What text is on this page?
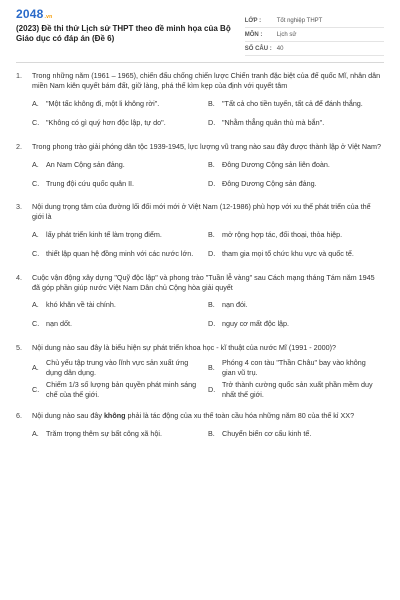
2048.vn
(2023) Đề thi thử Lịch sử THPT theo đề minh họa của Bộ Giáo dục có đáp án (Đề 6)
LỚP :	Tốt nghiệp THPT
MÔN :	Lịch sử
SỐ CÂU : 40
1.	Trong những năm (1961 – 1965), chiến đấu chống chiến lược Chiến tranh đặc biệt của đế quốc Mĩ, nhân dân miền Nam kiên quyết bám đất, giữ làng, phá thế kìm kẹp của định với quyết tâm
A.	"Một tấc không đi, một li không rời".	B.	"Tất cả cho tiền tuyến, tất cả để đánh thắng.
C. "Không có gì quý hơn độc lập, tự do".	D. "Nhằm thẳng quân thù mà bắn".
2.	Trong phong trào giải phóng dân tộc 1939-1945, lực lượng vũ trang nào sau đây được thành lập ở Việt Nam?
A.	An Nam Cộng sản đảng.	B.	Đông Dương Cộng sản liên đoàn.
C. Trung đội cứu quốc quân II.	D. Đông Dương Cộng sản đảng.
3.	Nội dung trọng tâm của đường lối đổi mới mới ở Việt Nam (12-1986) phù hợp với xu thế phát triển của thế giới là
A.	lấy phát triển kinh tế làm trọng điểm.	B.	mở rộng hợp tác, đối thoại, thỏa hiệp.
C. thiết lập quan hệ đồng minh với các nước lớn.	D. tham gia mọi tổ chức khu vực và quốc tế.
4.	Cuộc vận động xây dựng "Quỹ độc lập" và phong trào "Tuần lễ vàng" sau Cách mạng tháng Tám năm 1945 đã góp phần giúp nước Việt Nam Dân chủ Cộng hòa giải quyết
A.	khó khăn về tài chính.	B.	nạn đói.
C. nạn dốt.	D. nguy cơ mất độc lập.
5.	Nội dung nào sau đây là biểu hiện sự phát triển khoa học - kĩ thuật của nước Mĩ (1991 - 2000)?
A.
Chủ yếu tập trung vào lĩnh vực sản xuất ứng dụng dân dụng.
B.
Phóng 4 con tàu "Thần Châu" bay vào không gian vũ trụ.
C.
Chiếm 1/3 số lượng bản quyền phát minh sáng chế của thế giới.
D.
Trở thành cường quốc sản xuất phần mềm duy nhất thế giới.
6.	Nội dung nào sau đây không phải là tác động của xu thế toàn cầu hóa những năm 80 của thế kỉ XX?
A.	Trăm trọng thêm sự bất công xã hội.	B.	Chuyển biến cơ cấu kinh tế.
